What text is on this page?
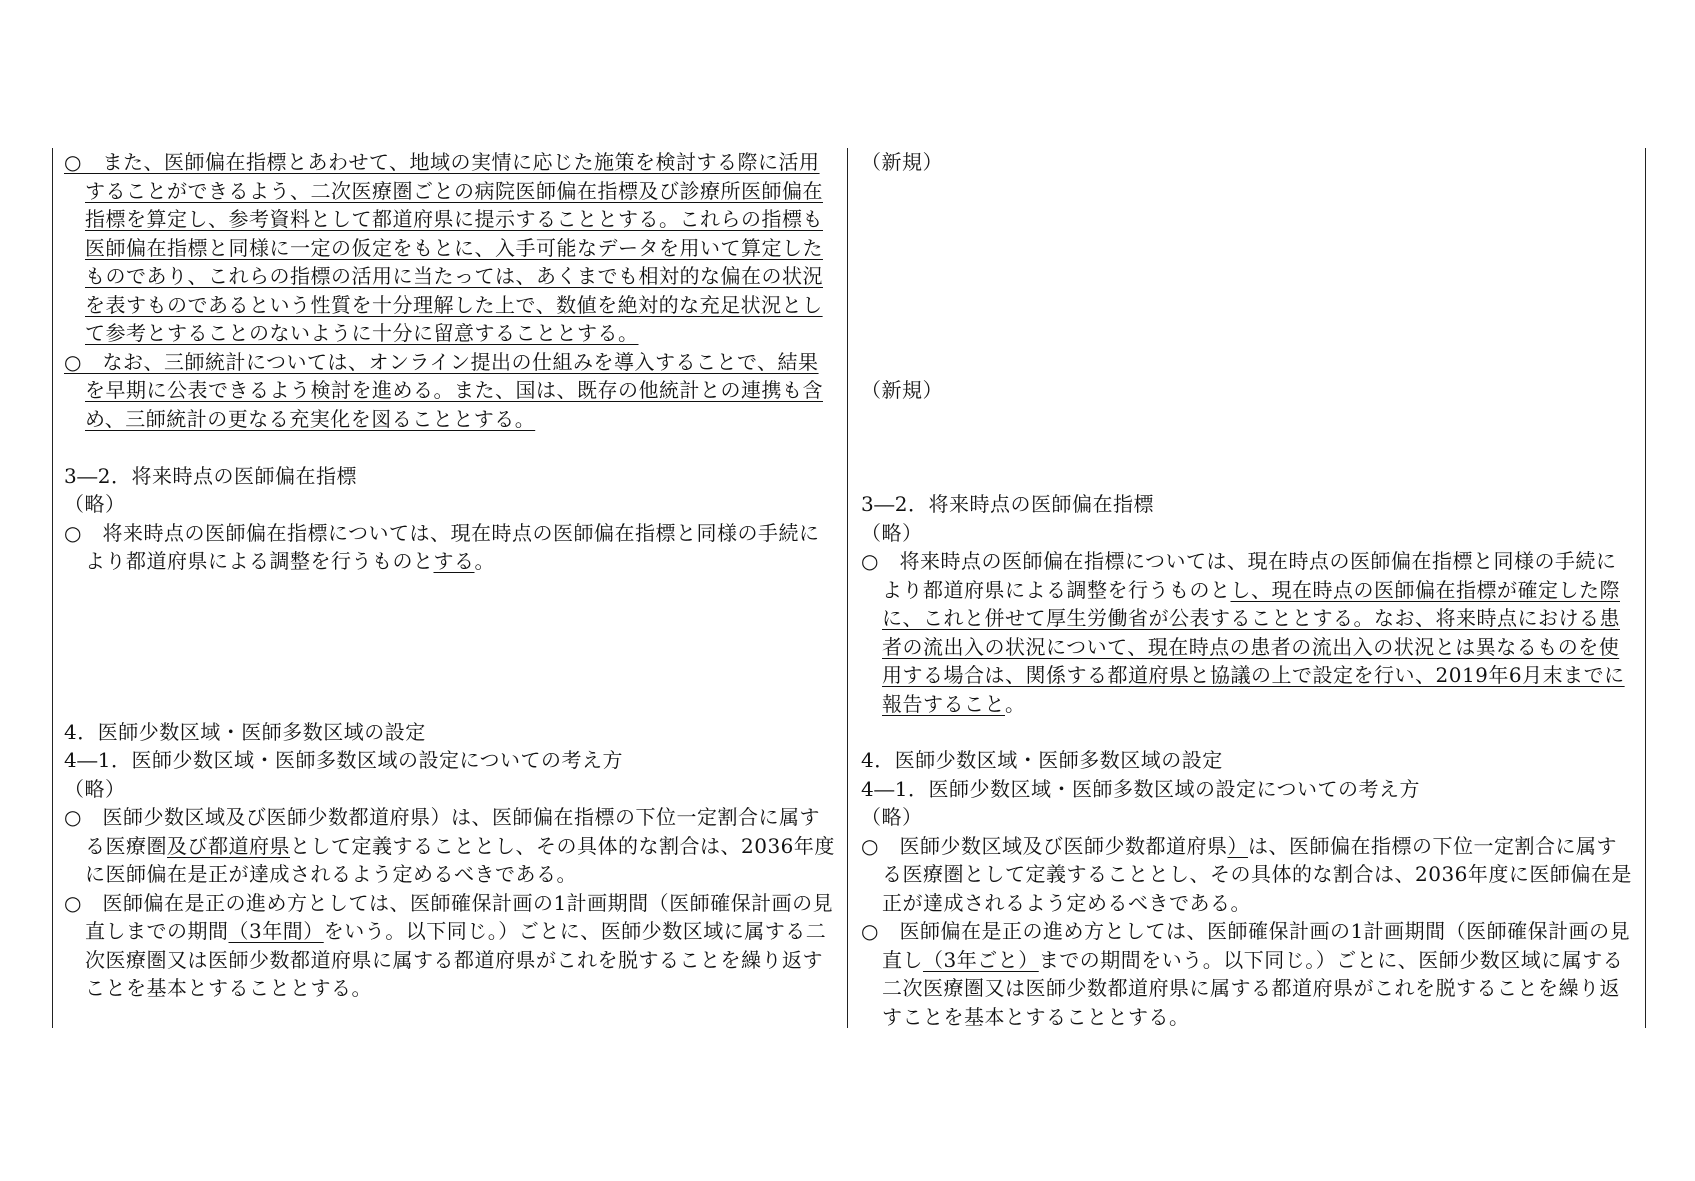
○　また、医師偏在指標とあわせて、地域の実情に応じた施策を検討する際に活用することができるよう、二次医療圏ごとの病院医師偏在指標及び診療所医師偏在指標を算定し、参考資料として都道府県に提示することとする。これらの指標も医師偏在指標と同様に一定の仮定をもとに、入手可能なデータを用いて算定したものであり、これらの指標の活用に当たっては、あくまでも相対的な偏在の状況を表すものであるという性質を十分理解した上で、数値を絶対的な充足状況として参考とすることのないように十分に留意することとする。

○　なお、三師統計については、オンライン提出の仕組みを導入することで、結果を早期に公表できるよう検討を進める。また、国は、既存の他統計との連携も含め、三師統計の更なる充実化を図ることとする。

3―2．将来時点の医師偏在指標

（略）

○　将来時点の医師偏在指標については、現在時点の医師偏在指標と同様の手続により都道府県による調整を行うものとする。

4．医師少数区域・医師多数区域の設定

4―1．医師少数区域・医師多数区域の設定についての考え方

（略）

○　医師少数区域及び医師少数都道府県）は、医師偏在指標の下位一定割合に属する医療圏及び都道府県として定義することとし、その具体的な割合は、2036年度に医師偏在是正が達成されるよう定めるべきである。

○　医師偏在是正の進め方としては、医師確保計画の1計画期間（医師確保計画の見直しまでの期間（3年間）をいう。以下同じ。）ごとに、医師少数区域に属する二次医療圏又は医師少数都道府県に属する都道府県がこれを脱することを繰り返すことを基本とすることとする。

（新規）

（新規）

3―2．将来時点の医師偏在指標

（略）

○　将来時点の医師偏在指標については、現在時点の医師偏在指標と同様の手続により都道府県による調整を行うものとし、現在時点の医師偏在指標が確定した際に、これと併せて厚生労働省が公表することとする。なお、将来時点における患者の流出入の状況について、現在時点の患者の流出入の状況とは異なるものを使用する場合は、関係する都道府県と協議の上で設定を行い、2019年6月末までに報告すること。

4．医師少数区域・医師多数区域の設定

4―1．医師少数区域・医師多数区域の設定についての考え方

（略）

○　医師少数区域及び医師少数都道府県）は、医師偏在指標の下位一定割合に属する医療圏として定義することとし、その具体的な割合は、2036年度に医師偏在是正が達成されるよう定めるべきである。

○　医師偏在是正の進め方としては、医師確保計画の1計画期間（医師確保計画の見直し（3年ごと）までの期間をいう。以下同じ。）ごとに、医師少数区域に属する二次医療圏又は医師少数都道府県に属する都道府県がこれを脱することを繰り返すことを基本とすることとする。
